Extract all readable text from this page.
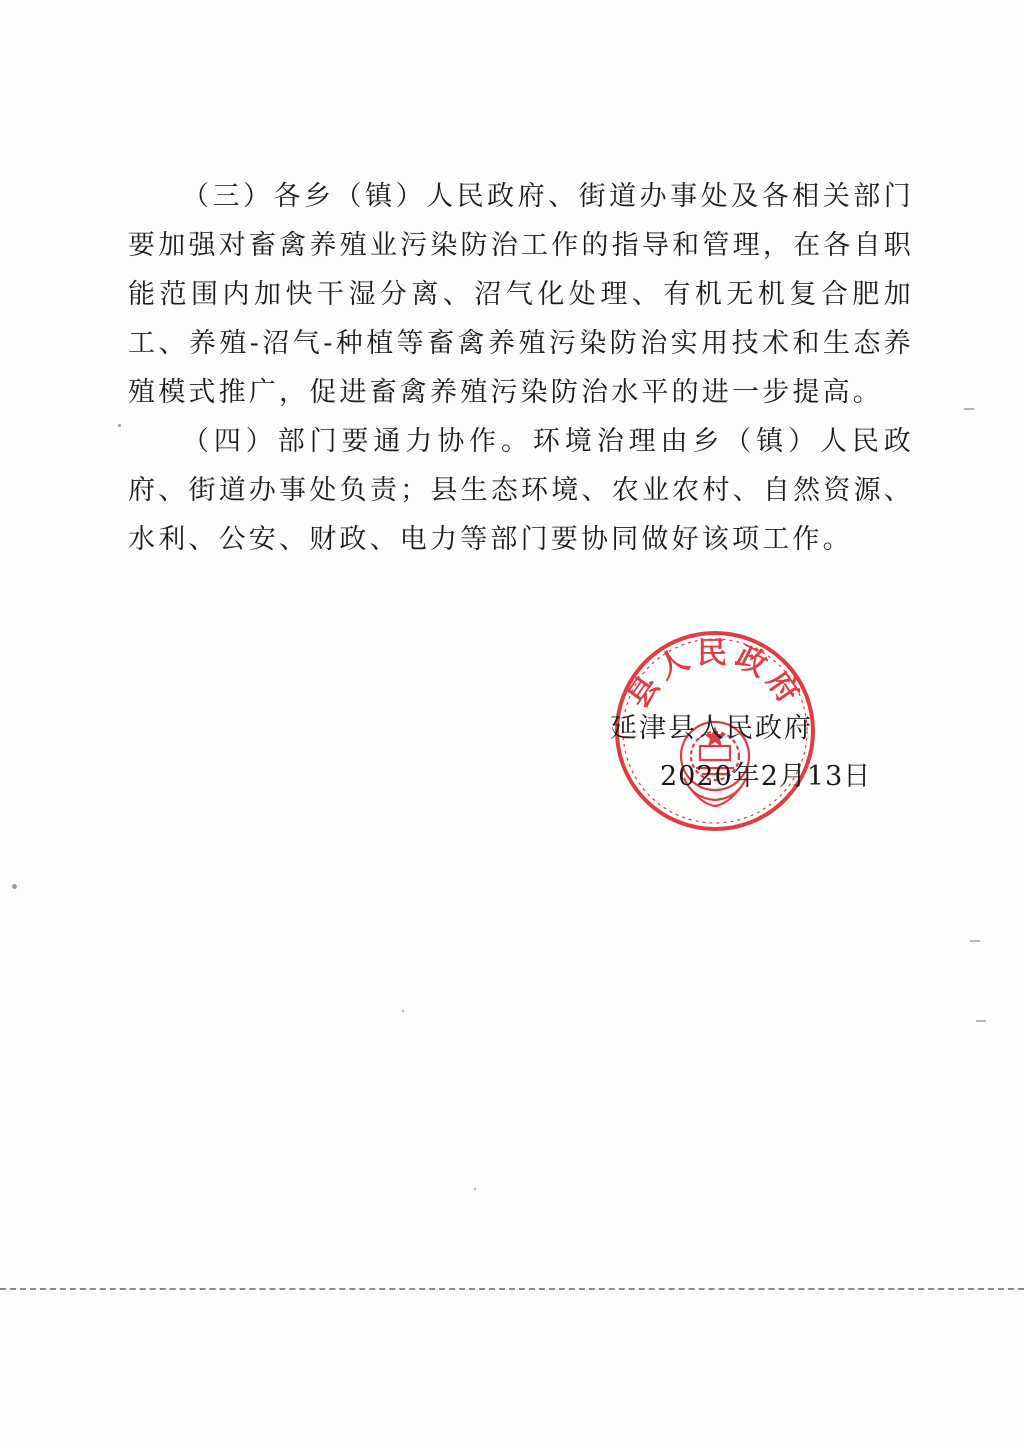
（三）各乡（镇）人民政府、街道办事处及各相关部门要加强对畜禽养殖业污染防治工作的指导和管理，在各自职能范围内加快干湿分离、沼气化处理、有机无机复合肥加工、养殖-沼气-种植等畜禽养殖污染防治实用技术和生态养殖模式推广，促进畜禽养殖污染防治水平的进一步提高。

（四）部门要通力协作。环境治理由乡（镇）人民政府、街道办事处负责；县生态环境、农业农村、自然资源、水利、公安、财政、电力等部门要协同做好该项工作。

县人民政府
延津县人民政府
2020年2月13日
